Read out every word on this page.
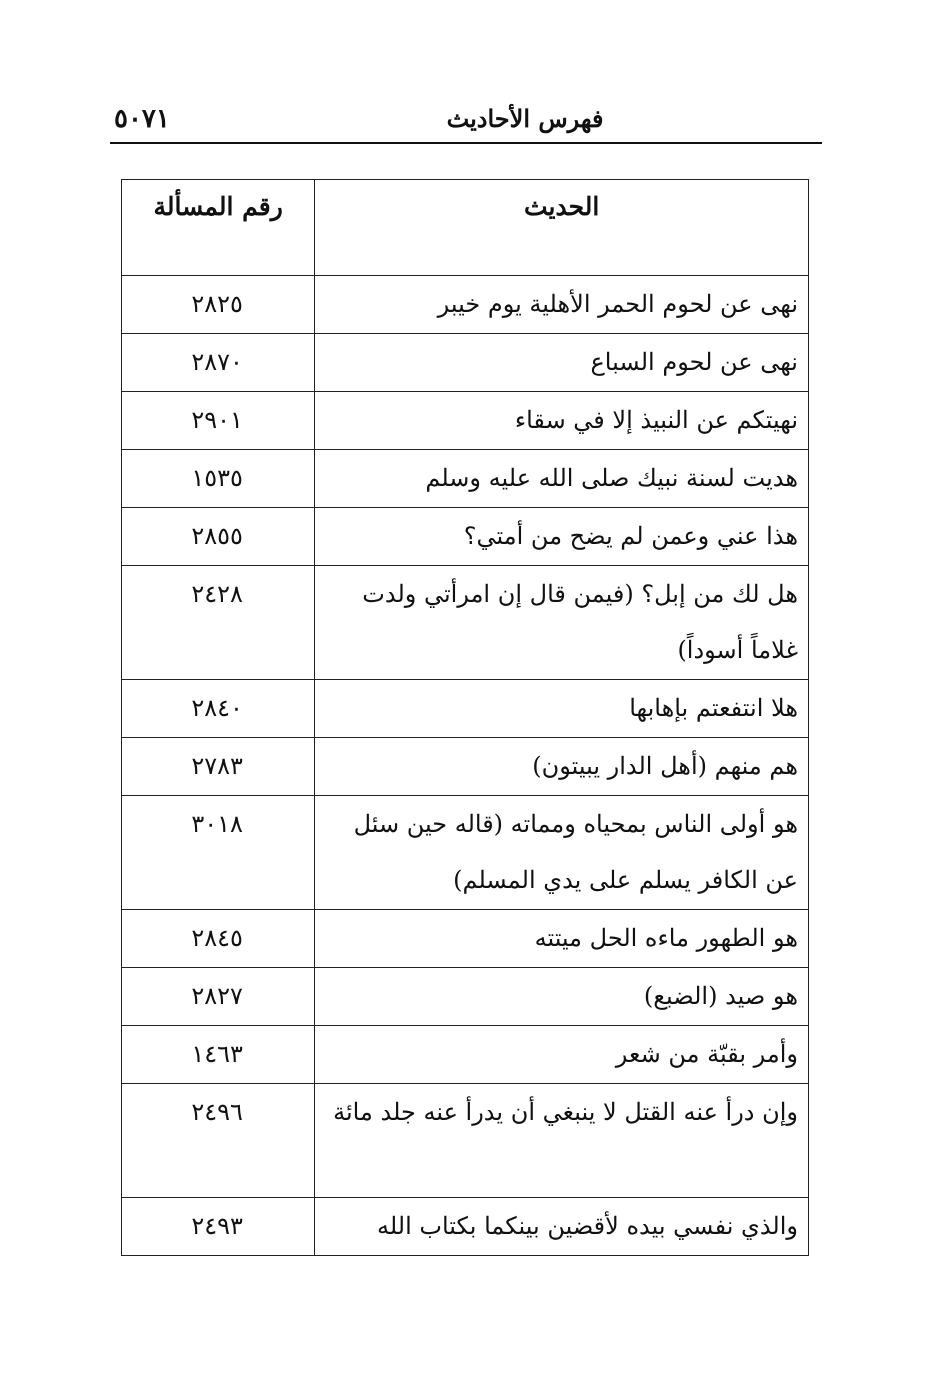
٥٠٧١	فهرس الأحاديث
الحديث	رقم المسألة
نهى عن لحوم الحمر الأهلية يوم خيبر	٢٨٢٥
نهى عن لحوم السباع	٢٨٧٠
نهيتكم عن النبيذ إلا في سقاء	٢٩٠١
هديت لسنة نبيك صلى الله عليه وسلم	١٥٣٥
هذا عني وعمن لم يضح من أمتي؟	٢٨٥٥
هل لك من إبل؟ (فيمن قال إن امرأتي ولدت غلاماً أسوداً)	٢٤٢٨
هلا انتفعتم بإهابها	٢٨٤٠
هم منهم (أهل الدار يبيتون)	٢٧٨٣
هو أولى الناس بمحياه ومماته (قاله حين سئل عن الكافر يسلم على يدي المسلم)	٣٠١٨
هو الطهور ماءه الحل ميتته	٢٨٤٥
هو صيد (الضبع)	٢٨٢٧
وأمر بقبّة من شعر	١٤٦٣
وإن درأ عنه القتل لا ينبغي أن يدرأ عنه جلد مائة	٢٤٩٦
والذي نفسي بيده لأقضين بينكما بكتاب الله	٢٤٩٣
